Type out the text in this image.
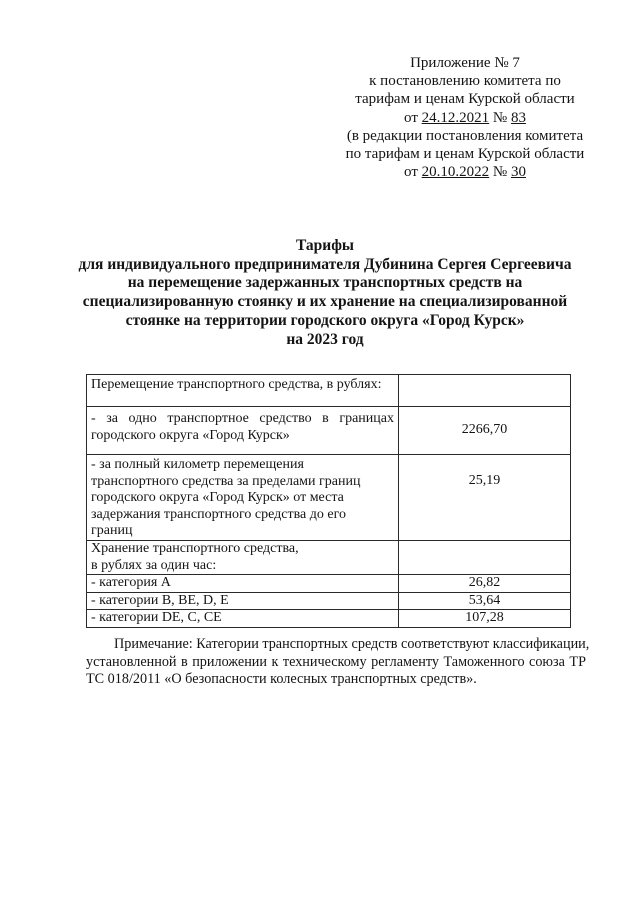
Приложение № 7
к постановлению комитета по
тарифам и ценам Курской области
от 24.12.2021 № 83
(в редакции постановления комитета
по тарифам и ценам Курской области
от 20.10.2022 № 30
Тарифы
для индивидуального предпринимателя Дубинина Сергея Сергеевича
на перемещение задержанных транспортных средств на
специализированную стоянку и их хранение на специализированной
стоянке на территории городского округа «Город Курск»
на 2023 год
Перемещение транспортного средства, в рублях:	

- за одно транспортное средство в границах
городского округа «Город Курск»	2266,70

- за полный километр перемещения
транспортного средства за пределами границ
городского округа «Город Курск» от места
задержания транспортного средства до его
границ	25,19

Хранение транспортного средства,
в рублях за один час:	

- категория А	26,82
- категории B, BE, D, E	53,64
- категории DE, C, CE	107,28
Примечание: Категории транспортных средств соответствуют классификации,
установленной в приложении к техническому регламенту Таможенного союза ТР
ТС 018/2011 «О безопасности колесных транспортных средств».
